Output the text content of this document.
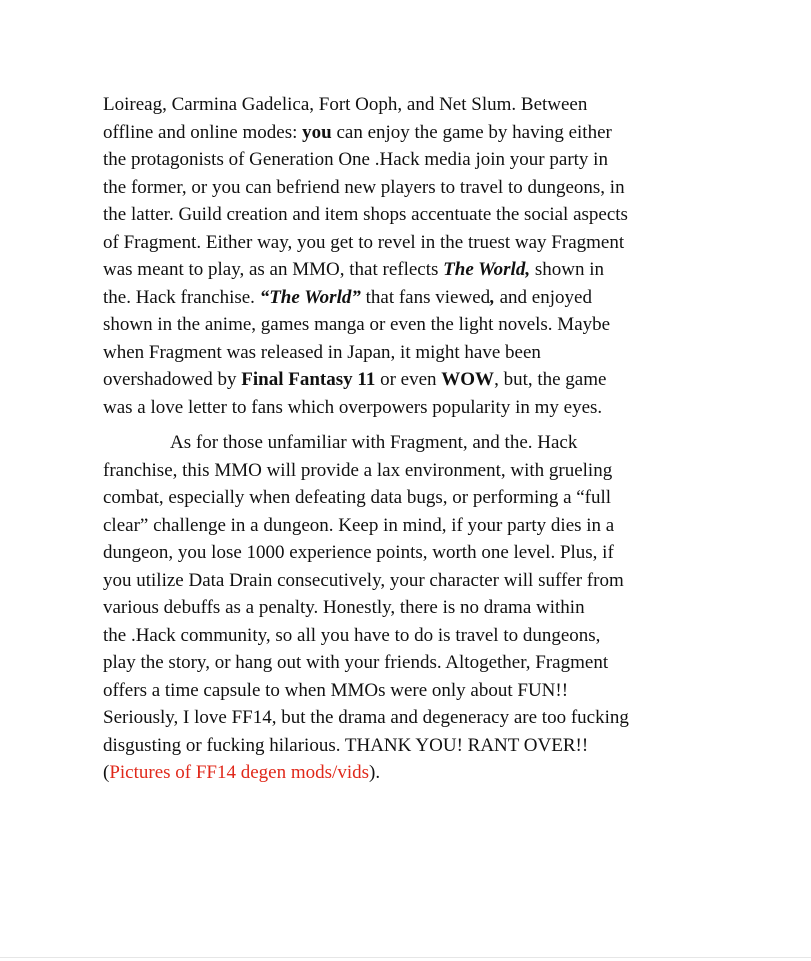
Loireag, Carmina Gadelica, Fort Ooph, and Net Slum. Between
offline and online modes: you can enjoy the game by having either
the protagonists of Generation One .Hack media join your party in
the former, or you can befriend new players to travel to dungeons, in
the latter. Guild creation and item shops accentuate the social aspects
of Fragment. Either way, you get to revel in the truest way Fragment
was meant to play, as an MMO, that reflects The World, shown in
the. Hack franchise. “The World” that fans viewed, and enjoyed
shown in the anime, games manga or even the light novels. Maybe
when Fragment was released in Japan, it might have been
overshadowed by Final Fantasy 11 or even WOW, but, the game
was a love letter to fans which overpowers popularity in my eyes.
As for those unfamiliar with Fragment, and the. Hack
franchise, this MMO will provide a lax environment, with grueling
combat, especially when defeating data bugs, or performing a “full
clear” challenge in a dungeon. Keep in mind, if your party dies in a
dungeon, you lose 1000 experience points, worth one level. Plus, if
you utilize Data Drain consecutively, your character will suffer from
various debuffs as a penalty. Honestly, there is no drama within
the .Hack community, so all you have to do is travel to dungeons,
play the story, or hang out with your friends. Altogether, Fragment
offers a time capsule to when MMOs were only about FUN!!
Seriously, I love FF14, but the drama and degeneracy are too fucking
disgusting or fucking hilarious. THANK YOU! RANT OVER!!
(Pictures of FF14 degen mods/vids).
